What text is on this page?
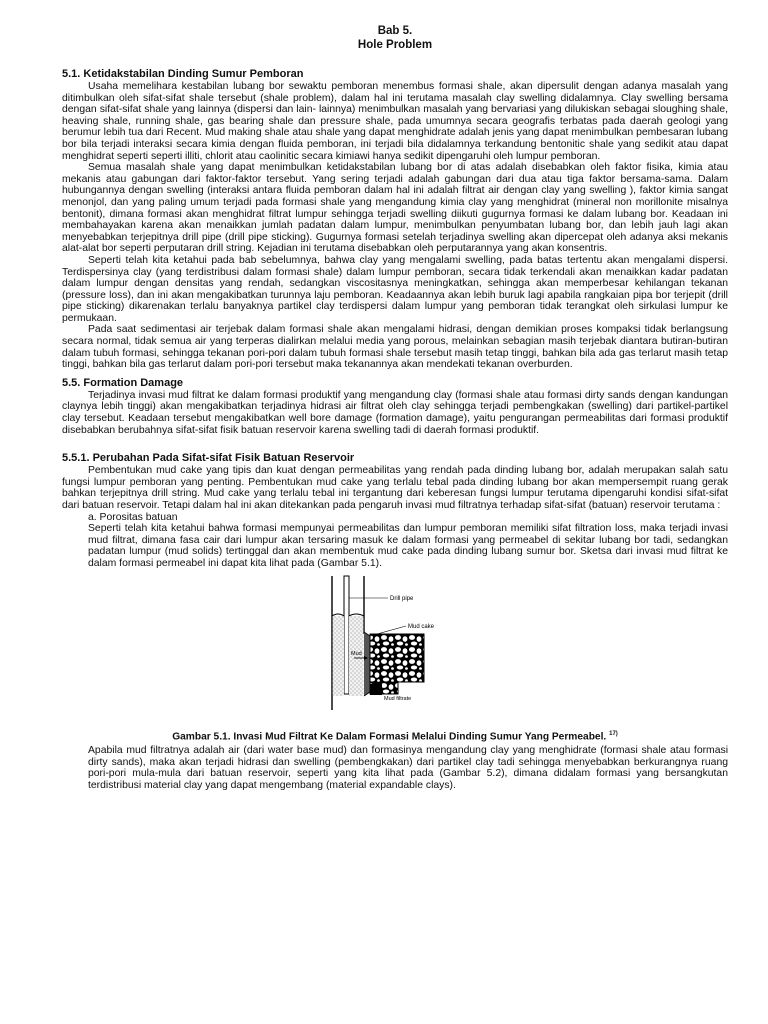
Bab 5.
Hole Problem
5.1. Ketidakstabilan Dinding Sumur Pemboran

Usaha memelihara kestabilan lubang bor sewaktu pemboran menembus formasi shale, akan dipersulit dengan adanya masalah yang ditimbulkan oleh sifat-sifat shale tersebut (shale problem), dalam hal ini terutama masalah clay swelling didalamnya. Clay swelling bersama dengan sifat-sifat shale yang lainnya (dispersi dan lain- lainnya) menimbulkan masalah yang bervariasi yang dilukiskan sebagai sloughing shale, heaving shale, running shale, gas bearing shale dan pressure shale, pada umumnya secara geografis terbatas pada daerah geologi yang berumur lebih tua dari Recent. Mud making shale atau shale yang dapat menghidrate adalah jenis yang dapat menimbulkan pembesaran lubang bor bila terjadi interaksi secara kimia dengan fluida pemboran, ini terjadi bila didalamnya terkandung bentonitic shale yang sedikit atau dapat menghidrat seperti seperti illiti, chlorit atau caolinitic secara kimiawi hanya sedikit dipengaruhi oleh lumpur pemboran.

Semua masalah shale yang dapat menimbulkan ketidakstabilan lubang bor di atas adalah disebabkan oleh faktor fisika, kimia atau mekanis atau gabungan dari faktor-faktor tersebut. Yang sering terjadi adalah gabungan dari dua atau tiga faktor bersama-sama. Dalam hubungannya dengan swelling (interaksi antara fluida pemboran dalam hal ini adalah filtrat air dengan clay yang swelling ), faktor kimia sangat menonjol, dan yang paling umum terjadi pada formasi shale yang mengandung kimia clay yang menghidrat (mineral non morillonite misalnya bentonit), dimana formasi akan menghidrat filtrat lumpur sehingga terjadi swelling diikuti gugurnya formasi ke dalam lubang bor. Keadaan ini membahayakan karena akan menaikkan jumlah padatan dalam lumpur, menimbulkan penyumbatan lubang bor, dan lebih jauh lagi akan menyebabkan terjepitnya drill pipe (drill pipe sticking). Gugurnya formasi setelah terjadinya swelling akan dipercepat oleh adanya aksi mekanis alat-alat bor seperti perputaran drill string. Kejadian ini terutama disebabkan oleh perputarannya yang akan konsentris.

Seperti telah kita ketahui pada bab sebelumnya, bahwa clay yang mengalami swelling, pada batas tertentu akan mengalami dispersi. Terdispersinya clay (yang terdistribusi dalam formasi shale) dalam lumpur pemboran, secara tidak terkendali akan menaikkan kadar padatan dalam lumpur dengan densitas yang rendah, sedangkan viscositasnya meningkatkan, sehingga akan memperbesar kehilangan tekanan (pressure loss), dan ini akan mengakibatkan turunnya laju pemboran. Keadaannya akan lebih buruk lagi apabila rangkaian pipa bor terjepit (drill pipe sticking) dikarenakan terlalu banyaknya partikel clay terdispersi dalam lumpur yang pemboran tidak terangkat oleh sirkulasi lumpur ke permukaan.

Pada saat sedimentasi air terjebak dalam formasi shale akan mengalami hidrasi, dengan demikian proses kompaksi tidak berlangsung secara normal, tidak semua air yang terperas dialirkan melalui media yang porous, melainkan sebagian masih terjebak diantara butiran-butiran dalam tubuh formasi, sehingga tekanan pori-pori dalam tubuh formasi shale tersebut masih tetap tinggi, bahkan bila ada gas terlarut masih tetap tinggi, bahkan bila gas terlarut dalam pori-pori tersebut maka tekanannya akan mendekati tekanan overburden.

5.5. Formation Damage

Terjadinya invasi mud filtrat ke dalam formasi produktif yang mengandung clay (formasi shale atau formasi dirty sands dengan kandungan claynya lebih tinggi) akan mengakibatkan terjadinya hidrasi air filtrat oleh clay sehingga terjadi pembengkakan (swelling) dari partikel-partikel clay tersebut. Keadaan tersebut mengakibatkan well bore damage (formation damage), yaitu pengurangan permeabilitas dari formasi produktif disebabkan berubahnya sifat-sifat fisik batuan reservoir karena swelling tadi di daerah formasi produktif.

5.5.1. Perubahan Pada Sifat-sifat Fisik Batuan Reservoir

Pembentukan mud cake yang tipis dan kuat dengan permeabilitas yang rendah pada dinding lubang bor, adalah merupakan salah satu fungsi lumpur pemboran yang penting. Pembentukan mud cake yang terlalu tebal pada dinding lubang bor akan mempersempit ruang gerak bahkan terjepitnya drill string. Mud cake yang terlalu tebal ini tergantung dari keberesan fungsi lumpur terutama dipengaruhi kondisi sifat-sifat dari batuan reservoir. Tetapi dalam hal ini akan ditekankan pada pengaruh invasi mud filtratnya terhadap sifat-sifat (batuan) reservoir terutama :

a. Porositas batuan

Seperti telah kita ketahui bahwa formasi mempunyai permeabilitas dan lumpur pemboran memiliki sifat filtration loss, maka terjadi invasi mud filtrat, dimana fasa cair dari lumpur akan tersaring masuk ke dalam formasi yang permeabel di sekitar lubang bor tadi, sedangkan padatan lumpur (mud solids) tertinggal dan akan membentuk mud cake pada dinding lubang sumur bor. Sketsa dari invasi mud filtrat ke dalam formasi permeabel ini dapat kita lihat pada (Gambar 5.1).

Drill pipe
Mud cake
Mud
Mud filtrate
Gambar 5.1. Invasi Mud Filtrat Ke Dalam Formasi Melalui Dinding Sumur Yang Permeabel. $^{17)}$

Apabila mud filtratnya adalah air (dari water base mud) dan formasinya mengandung clay yang menghidrate (formasi shale atau formasi dirty sands), maka akan terjadi hidrasi dan swelling (pembengkakan) dari partikel clay tadi sehingga menyebabkan berkurangnya ruang pori-pori mula-mula dari batuan reservoir, seperti yang kita lihat pada (Gambar 5.2), dimana didalam formasi yang bersangkutan terdistribusi material clay yang dapat mengembang (material expandable clays).
